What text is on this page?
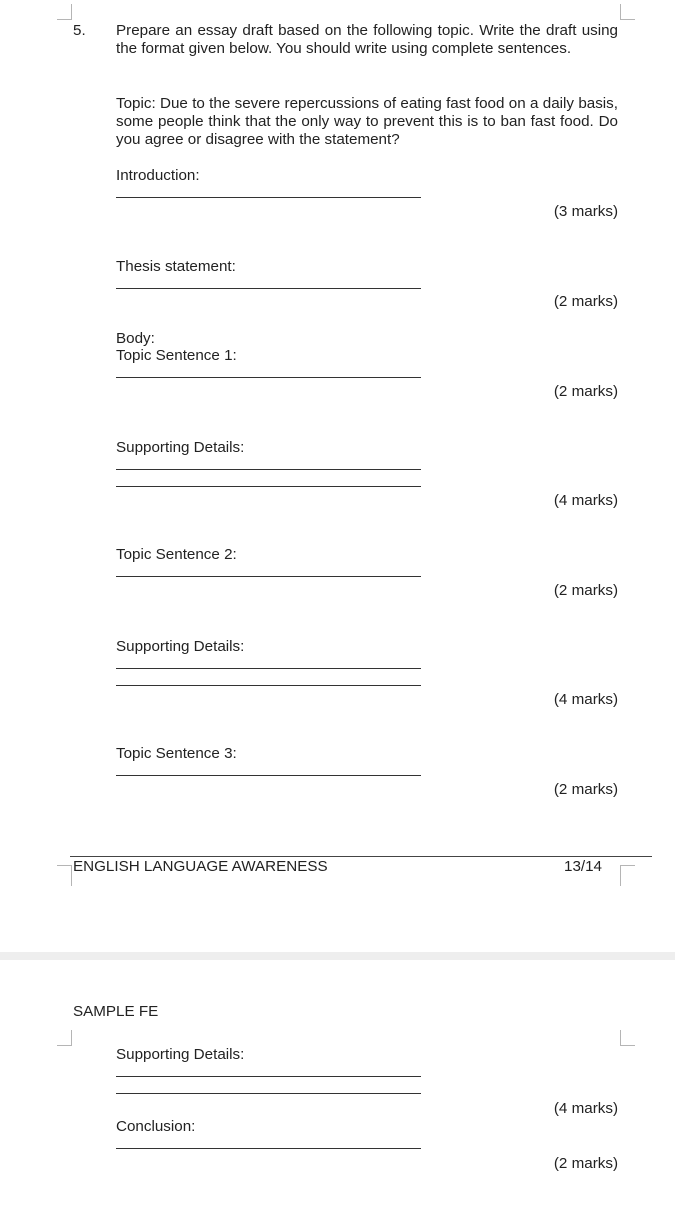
5. Prepare an essay draft based on the following topic. Write the draft using the format given below. You should write using complete sentences.
Topic: Due to the severe repercussions of eating fast food on a daily basis, some people think that the only way to prevent this is to ban fast food. Do you agree or disagree with the statement?
Introduction:
(3 marks)
Thesis statement:
(2 marks)
Body:
Topic Sentence 1:
(2 marks)
Supporting Details:
(4 marks)
Topic Sentence 2:
(2 marks)
Supporting Details:
(4 marks)
Topic Sentence 3:
(2 marks)
ENGLISH LANGUAGE AWARENESS	13/14
SAMPLE FE
Supporting Details:
(4 marks)
Conclusion:
(2 marks)
